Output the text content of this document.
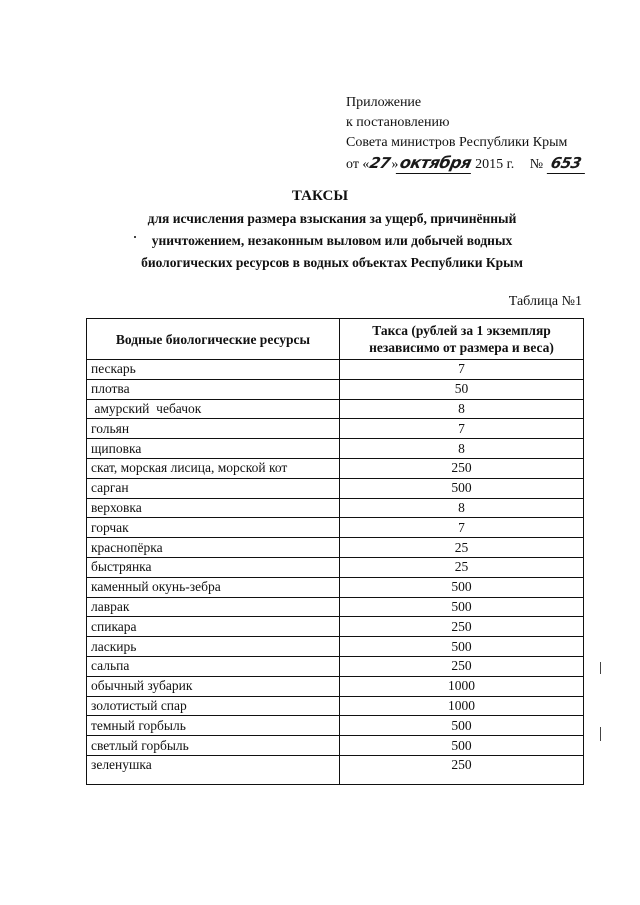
Приложение
к постановлению
Совета министров Республики Крым
от «27»октября 2015 г. № 653
ТАКСЫ
для исчисления размера взыскания за ущерб, причинённый
уничтожением, незаконным выловом или добычей водных
биологических ресурсов в водных объектах Республики Крым
Таблица №1
Водные биологические ресурсы	Такса (рублей за 1 экземпляр независимо от размера и веса)
пескарь	7
плотва	50
амурский  чебачок	8
гольян	7
щиповка	8
скат, морская лисица, морской кот	250
сарган	500
верховка	8
горчак	7
краснопёрка	25
быстрянка	25
каменный окунь-зебра	500
лаврак	500
спикара	250
ласкирь	500
сальпа	250
обычный зубарик	1000
золотистый спар	1000
темный горбыль	500
светлый горбыль	500
зеленушка	250
